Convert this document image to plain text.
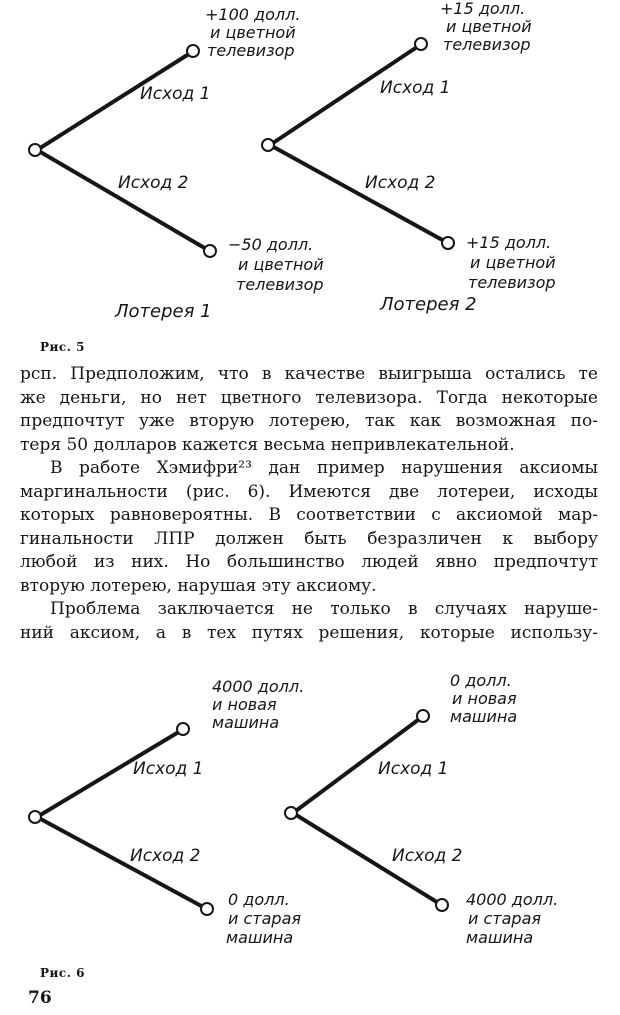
Исход 1
Исход 2
+100 долл.
и цветной
телевизор
−50 долл.
и цветной
телевизор
Лотерея 1
Исход 1
Исход 2
+15 долл.
и цветной
телевизор
+15 долл.
и цветной
телевизор
Лотерея 2
Рис. 5
рсп. Предположим, что в качестве выигрыша остались те
же деньги, но нет цветного телевизора. Тогда некоторые
предпочтут уже вторую лотерею, так как возможная по-
теря 50 долларов кажется весьма непривлекательной.
В работе Хэмифри²³ дан пример нарушения аксиомы
маргинальности (рис. 6). Имеются две лотереи, исходы
которых равновероятны. В соответствии с аксиомой мар-
гинальности ЛПР должен быть безразличен к выбору
любой из них. Но большинство людей явно предпочтут
вторую лотерею, нарушая эту аксиому.
Проблема заключается не только в случаях наруше-
ний аксиом, а в тех путях решения, которые использу-
Исход 1
Исход 2
4000 долл.
и новая
машина
0 долл.
и старая
машина
Исход 1
Исход 2
0 долл.
и новая
машина
4000 долл.
и старая
машина
Рис. 6
76
